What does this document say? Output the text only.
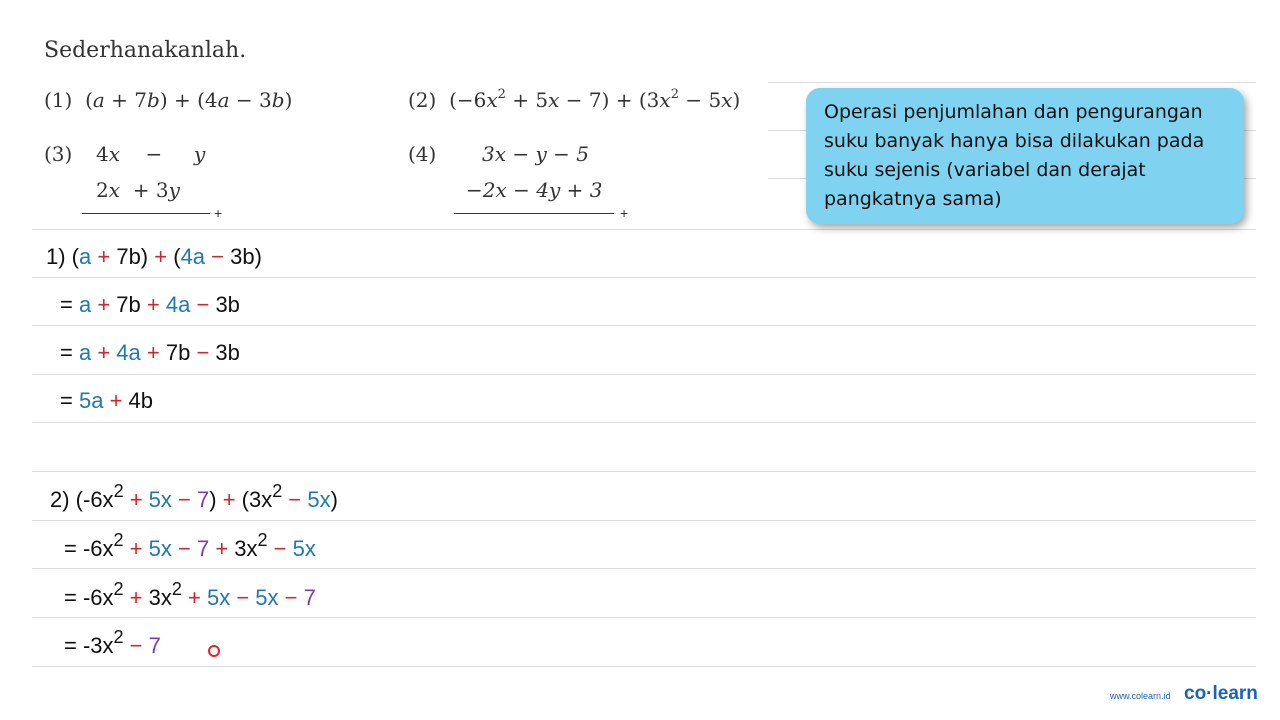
Sederhanakanlah.
(1) (a + 7b) + (4a − 3b)	(2) $(-6x^2 + 5x - 7) + (3x^2 - 5x)$
(3) 4x − y
2x + 3y
+
(4) 3x − y − 5
−2x − 4y + 3
+
Operasi penjumlahan dan pengurangan suku banyak hanya bisa dilakukan pada suku sejenis (variabel dan derajat pangkatnya sama)
1) (a + 7b) + (4a − 3b)
= a + 7b + 4a − 3b
= a + 4a + 7b − 3b
= 5a + 4b
2) $(-6x^2 + 5x - 7) + (3x^2 - 5x)$
= $-6x^2 + 5x - 7 + 3x^2 - 5x$
= $-6x^2 + 3x^2 + 5x - 5x - 7$
= $-3x^2 - 7$
www.colearn.id co·learn
